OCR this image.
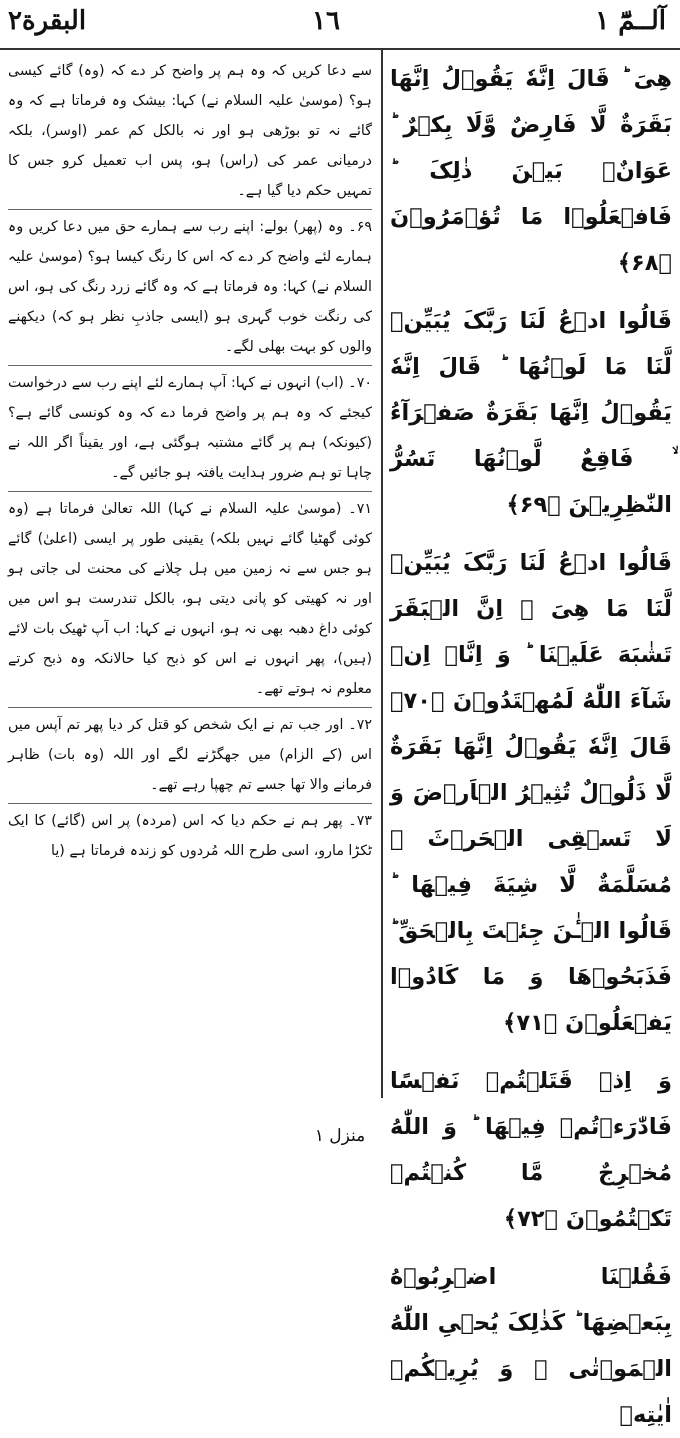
البقرة٢	١٦	آلــمّٓ ١

سے دعا کریں کہ وہ ہم پر واضح کر دے کہ (وہ) گائے کیسی ہو؟ (موسیٰ علیہ السلام نے) کہا: بیشک وہ فرماتا ہے کہ وہ گائے نہ تو بوڑھی ہو اور نہ بالکل کم عمر (اوسر)، بلکہ درمیانی عمر کی (راس) ہو، پس اب تعمیل کرو جس کا تمہیں حکم دیا گیا ہے۔

۶۹۔ وہ (پھر) بولے: اپنے رب سے ہمارے حق میں دعا کریں وہ ہمارے لئے واضح کر دے کہ اس کا رنگ کیسا ہو؟ (موسیٰ علیہ السلام نے) کہا: وہ فرماتا ہے کہ وہ گائے زرد رنگ کی ہو، اس کی رنگت خوب گہری ہو (ایسی جاذبِ نظر ہو کہ) دیکھنے والوں کو بہت بھلی لگے۔

۷۰۔ (اب) انہوں نے کہا: آپ ہمارے لئے اپنے رب سے درخواست کیجئے کہ وہ ہم پر واضح فرما دے کہ وہ کونسی گائے ہے؟ (کیونکہ) ہم پر گائے مشتبہ ہوگئی ہے، اور یقیناً اگر اللہ نے چاہا تو ہم ضرور ہدایت یافتہ ہو جائیں گے۔

۷۱۔ (موسیٰ علیہ السلام نے کہا) اللہ تعالیٰ فرماتا ہے (وہ کوئی گھٹیا گائے نہیں بلکہ) یقینی طور پر ایسی (اعلیٰ) گائے ہو جس سے نہ زمین میں ہل چلانے کی محنت لی جاتی ہو اور نہ کھیتی کو پانی دیتی ہو، بالکل تندرست ہو اس میں کوئی داغ دھبہ بھی نہ ہو، انہوں نے کہا: اب آپ ٹھیک بات لائے (ہیں)، پھر انہوں نے اس کو ذبح کیا حالانکہ وہ ذبح کرتے معلوم نہ ہوتے تھے۔

۷۲۔ اور جب تم نے ایک شخص کو قتل کر دیا پھر تم آپس میں اس (کے الزام) میں جھگڑنے لگے اور اللہ (وہ بات) ظاہر فرمانے والا تھا جسے تم چھپا رہے تھے۔

۷۳۔ پھر ہم نے حکم دیا کہ اس (مردہ) پر اس (گائے) کا ایک ٹکڑا مارو، اسی طرح اللہ مُردوں کو زندہ فرماتا ہے (یا

هِیَ ؕ قَالَ اِنَّهٗ یَقُوۡلُ اِنَّهَا بَقَرَةٌ لَّا فَارِضٌ وَّلَا بِکۡرٌ ؕ عَوَانٌۢ بَیۡنَ ذٰلِکَ ؕ فَافۡعَلُوۡا مَا تُؤۡمَرُوۡنَ ﴿۶۸﴾

قَالُوا ادۡعُ لَنَا رَبَّکَ یُبَیِّنۡ لَّنَا مَا لَوۡنُهَا ؕ قَالَ اِنَّهٗ یَقُوۡلُ اِنَّهَا بَقَرَةٌ صَفۡرَآءُ ۙ فَاقِعٌ لَّوۡنُهَا تَسُرُّ النّٰظِرِیۡنَ ﴿۶۹﴾

قَالُوا ادۡعُ لَنَا رَبَّکَ یُبَیِّنۡ لَّنَا مَا هِیَ ۙ اِنَّ الۡبَقَرَ تَشٰبَهَ عَلَیۡنَا ؕ وَ اِنَّاۤ اِنۡ شَآءَ اللّٰهُ لَمُهۡتَدُوۡنَ ﴿۷۰﴾ قَالَ اِنَّهٗ یَقُوۡلُ اِنَّهَا بَقَرَةٌ لَّا ذَلُوۡلٌ تُثِیۡرُ الۡاَرۡضَ وَ لَا تَسۡقِی الۡحَرۡثَ ۚ مُسَلَّمَةٌ لَّا شِیَةَ فِیۡهَا ؕ قَالُوا الۡـٰٔنَ جِئۡتَ بِالۡحَقِّ ؕ فَذَبَحُوۡهَا وَ مَا کَادُوۡا یَفۡعَلُوۡنَ ﴿۷۱﴾

وَ اِذۡ قَتَلۡتُمۡ نَفۡسًا فَادّٰرَءۡتُمۡ فِیۡهَا ؕ وَ اللّٰهُ مُخۡرِجٌ مَّا کُنۡتُمۡ تَکۡتُمُوۡنَ ﴿۷۲﴾

فَقُلۡنَا اضۡرِبُوۡهُ بِبَعۡضِهَا ؕ کَذٰلِکَ یُحۡیِ اللّٰهُ الۡمَوۡتٰی ۙ وَ یُرِیۡکُمۡ اٰیٰتِهٖ

منزل ١
